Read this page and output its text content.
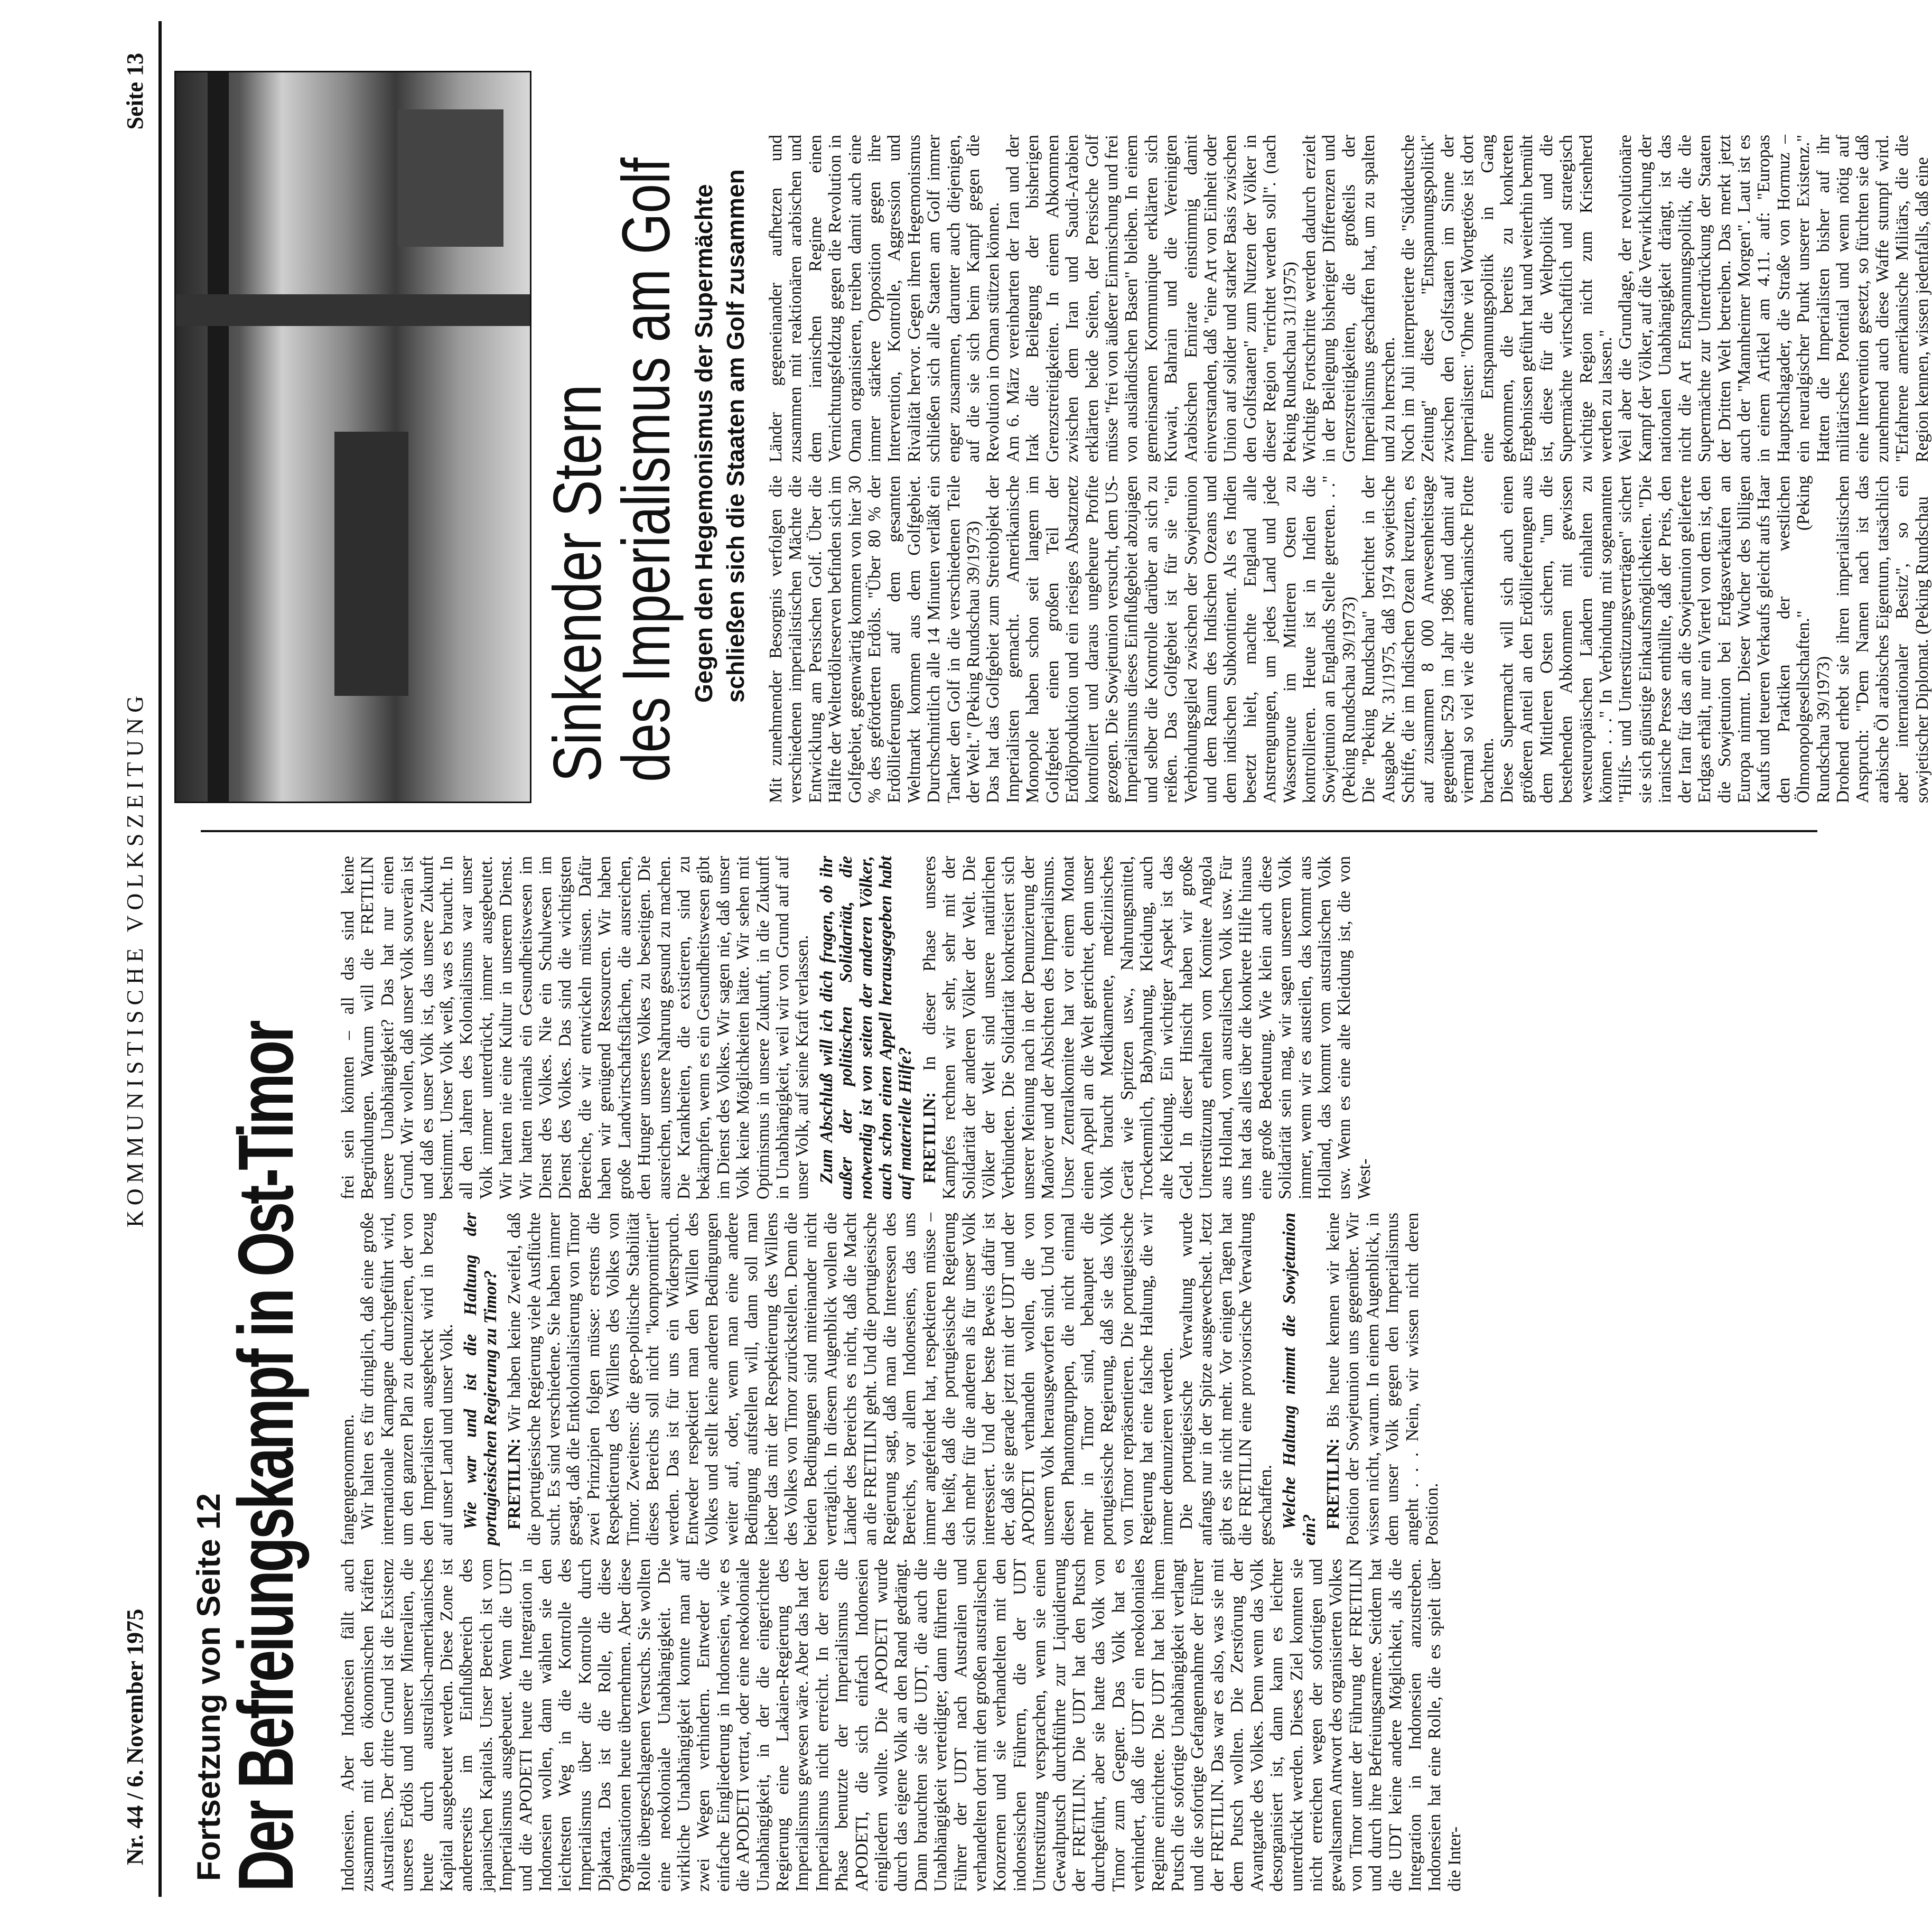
Nr. 44 / 6. November 1975
KOMMUNISTISCHE VOLKSZEITUNG
Seite 13
Fortsetzung von Seite 12
Der Befreiungskampf in Ost-Timor Indonesien. Aber Indonesien fällt auch zusammen mit den ökonomischen Kräften Australiens. Der dritte Grund ist die Existenz unseres Erdöls und unserer Mineralien, die heute durch australisch-amerikanisches Kapital ausgebeutet werden. Diese Zone ist andererseits im Einflußbereich des japanischen Kapitals. Unser Bereich ist vom Imperialismus ausgebeutet. Wenn die UDT und die APODETI heute die Integration in Indonesien wollen, dann wählen sie den leichtesten Weg in die Kontrolle des Imperialismus über die Kontrolle durch Djakarta. Das ist die Rolle, die diese Organisationen heute übernehmen. Aber diese Rolle übergeschlagenen Versuchs. Sie wollten eine neokoloniale Unabhängigkeit. Die wirkliche Unabhängigkeit konnte man auf zwei Wegen verhindern. Entweder die einfache Eingliederung in Indonesien, wie es die APODETI vertrat, oder eine neokoloniale Unabhängigkeit, in der die eingerichtete Regierung eine Lakaien-Regierung des Imperialismus gewesen wäre. Aber das hat der Imperialismus nicht erreicht. In der ersten Phase benutzte der Imperialismus die APODETI, die sich einfach Indonesien eingliedern wollte. Die APODETI wurde durch das eigene Volk an den Rand gedrängt. Dann brauchten sie die UDT, die auch die Unabhängigkeit verteidigte; dann führten die Führer der UDT nach Australien und verhandelten dort mit den großen australischen Konzernen und sie verhandelten mit den indonesischen Führern, die der UDT Unterstützung versprachen, wenn sie einen Gewaltputsch durchführte zur Liquidierung der FRETILIN. Die UDT hat den Putsch durchgeführt, aber sie hatte das Volk von Timor zum Gegner. Das Volk hat es verhindert, daß die UDT ein neokoloniales Regime einrichtete. Die UDT hat bei ihrem Putsch die sofortige Unabhängigkeit verlangt und die sofortige Gefangennahme der Führer der FRETILIN. Das war es also, was sie mit dem Putsch wollten. Die Zerstörung der Avantgarde des Volkes. Denn wenn das Volk desorganisiert ist, dann kann es leichter unterdrückt werden. Dieses Ziel konnten sie nicht erreichen wegen der sofortigen und gewaltsamen Antwort des organisierten Volkes von Timor unter der Führung der FRETILIN und durch ihre Befreiungsarmee. Seitdem hat die UDT keine andere Möglichkeit, als die Integration in Indonesien anzustreben. Indonesien hat eine Rolle, die es spielt über die Inter-

fangengenommen. Wir halten es für dringlich, daß eine große internationale Kampagne durchgeführt wird, um den ganzen Plan zu denunzieren, der von den Imperialisten ausgeheckt wird in bezug auf unser Land und unser Volk. Wie war und ist die Haltung der portugiesischen Regierung zu Timor? FRETILIN: Wir haben keine Zweifel, daß die portugiesische Regierung viele Ausflüchte sucht. Es sind verschiedene. Sie haben immer gesagt, daß die Entkolonialisierung von Timor zwei Prinzipien folgen müsse: erstens die Respektierung des Willens des Volkes von Timor. Zweitens: die geo-politische Stabilität dieses Bereichs soll nicht "kompromittiert" werden. Das ist für uns ein Widerspruch. Entweder respektiert man den Willen des Volkes und stellt keine anderen Bedingungen weiter auf, oder, wenn man eine andere Bedingung aufstellen will, dann soll man lieber das mit der Respektierung des Willens des Volkes von Timor zurückstellen. Denn die beiden Bedingungen sind miteinander nicht verträglich. In diesem Augenblick wollen die Länder des Bereichs es nicht, daß die Macht an die FRETILIN geht. Und die portugiesische Regierung sagt, daß man die Interessen des Bereichs, vor allem Indonesiens, das uns immer angefeindet hat, respektieren müsse – das heißt, daß die portugiesische Regierung sich mehr für die anderen als für unser Volk interessiert. Und der beste Beweis dafür ist der, daß sie gerade jetzt mit der UDT und der APODETI verhandeln wollen, die von unserem Volk herausgeworfen sind. Und von diesen Phantomgruppen, die nicht einmal mehr in Timor sind, behauptet die portugiesische Regierung, daß sie das Volk von Timor repräsentieren. Die portugiesische Regierung hat eine falsche Haltung, die wir immer denunzieren werden. Die portugiesische Verwaltung wurde anfangs nur in der Spitze ausgewechselt. Jetzt gibt es sie nicht mehr. Vor einigen Tagen hat die FRETILIN eine provisorische Verwaltung geschaffen. Welche Haltung nimmt die Sowjetunion ein?

FRETILIN: Bis heute kennen wir keine Position der Sowjetunion uns gegenüber. Wir wissen nicht, warum. In einem Augenblick, in dem unser Volk gegen den Imperialismus angeht . . . Nein, wir wissen nicht deren Position.

frei sein könnten – all das sind keine Begründungen. Warum will die FRETILIN unsere Unabhängigkeit? Das hat nur einen Grund. Wir wollen, daß unser Volk souverän ist und daß es unser Volk ist, das unsere Zukunft bestimmt. Unser Volk weiß, was es braucht. In all den Jahren des Kolonialismus war unser Volk immer unterdrückt, immer ausgebeutet. Wir hatten nie eine Kultur in unserem Dienst. Wir hatten niemals ein Gesundheitswesen im Dienst des Volkes. Nie ein Schulwesen im Dienst des Volkes. Das sind die wichtigsten Bereiche, die wir entwickeln müssen. Dafür haben wir genügend Ressourcen. Wir haben große Landwirtschaftsflächen, die ausreichen, den Hunger unseres Volkes zu beseitigen. Die ausreichen, unsere Nahrung gesund zu machen. Die Krankheiten, die existieren, sind zu bekämpfen, wenn es ein Gesundheitswesen gibt im Dienst des Volkes. Wir sagen nie, daß unser Volk keine Möglichkeiten hätte. Wir sehen mit Optimismus in unsere Zukunft, in die Zukunft in Unabhängigkeit, weil wir von Grund auf auf unser Volk, auf seine Kraft verlassen. Zum Abschluß will ich dich fragen, ob ihr außer der politischen Solidarität, die notwendig ist von seiten der anderen Völker, auch schon einen Appell herausgegeben habt auf materielle Hilfe? FRETILIN: In dieser Phase unseres Kampfes rechnen wir sehr, sehr mit der Solidarität der anderen Völker der Welt. Die Völker der Welt sind unsere natürlichen Verbündeten. Die Solidarität konkretisiert sich unserer Meinung nach in der Denunzierung der Manöver und der Absichten des Imperialismus. Unser Zentralkomitee hat vor einem Monat einen Appell an die Welt gerichtet, denn unser Volk braucht Medikamente, medizinisches Gerät wie Spritzen usw., Nahrungsmittel, Trockenmilch, Babynahrung, Kleidung, auch alte Kleidung. Ein wichtiger Aspekt ist das Geld. In dieser Hinsicht haben wir große Unterstützung erhalten vom Komitee Angola aus Holland, vom australischen Volk usw. Für uns hat das alles über die konkrete Hilfe hinaus eine große Bedeutung. Wie klein auch diese Solidarität sein mag, wir sagen unserem Volk immer, wenn wir es austeilen, das kommt aus Holland, das kommt vom australischen Volk usw. Wenn es eine alte Kleidung ist, die von West-

Sinkender Stern
des Imperialismus am Golf Gegen den Hegemonismus der Supermächte schließen sich die Staaten am Golf zusammen

Mit zunehmender Besorgnis verfolgen die verschiedenen imperialistischen Mächte die Entwicklung am Persischen Golf. Über die Hälfte der Welterdölreserven befinden sich im Golfgebiet, gegenwärtig kommen von hier 30 % des geförderten Erdöls. "Über 80 % der Erdöllieferungen auf dem gesamten Weltmarkt kommen aus dem Golfgebiet. Durchschnittlich alle 14 Minuten verläßt ein Tanker den Golf in die verschiedenen Teile der Welt." (Peking Rundschau 39/1973)
Das hat das Golfgebiet zum Streitobjekt der Imperialisten gemacht. Amerikanische Monopole haben schon seit langem im Golfgebiet einen großen Teil der Erdölproduktion und ein riesiges Absatznetz kontrolliert und daraus ungeheure Profite gezogen. Die Sowjetunion versucht, dem US-Imperialismus dieses Einflußgebiet abzujagen und selber die Kontrolle darüber an sich zu reißen. Das Golfgebiet ist für sie "ein Verbindungsglied zwischen der Sowjetunion und dem Raum des Indischen Ozeans und dem indischen Subkontinent. Als es Indien besetzt hielt, machte England alle Anstrengungen, um jedes Land und jede Wasserroute im Mittleren Osten zu kontrollieren. Heute ist in Indien die Sowjetunion an Englands Stelle getreten. . ." (Peking Rundschau 39/1973)
Die "Peking Rundschau" berichtet in der Ausgabe Nr. 31/1975, daß 1974 sowjetische Schiffe, die im Indischen Ozean kreuzten, es auf zusammen 8 000 Anwesenheitstage gegenüber 529 im Jahr 1986 und damit auf viermal so viel wie die amerikanische Flotte brachten.
Diese Supermacht will sich auch einen größeren Anteil an den Erdöllieferungen aus dem Mittleren Osten sichern, "um die bestehenden Abkommen mit gewissen westeuropäischen Ländern einhalten zu können . . ." In Verbindung mit sogenannten "Hilfs- und Unterstützungsverträgen" sichert sie sich günstige Einkaufsmöglichkeiten. "Die iranische Presse enthüllte, daß der Preis, den der Iran für das an die Sowjetunion gelieferte Erdgas erhält, nur ein Viertel von dem ist, den die Sowjetunion bei Erdgasverkäufen an Europa nimmt. Dieser Wucher des billigen Kaufs und teueren Verkaufs gleicht aufs Haar den Praktiken der westlichen Ölmonopolgesellschaften." (Peking Rundschau 39/1973)
Drohend erhebt sie ihren imperialistischen Anspruch: "Dem Namen nach ist das arabische Öl arabisches Eigentum, tatsächlich aber internationaler Besitz", so ein sowjetischer Diplomat. (Peking Rundschau

Länder gegeneinander aufhetzen und zusammen mit reaktionären arabischen und dem iranischen Regime einen Vernichtungsfeldzug gegen die Revolution in Oman organisieren, treiben damit auch eine immer stärkere Opposition gegen ihre Intervention, Kontrolle, Aggression und Rivalität hervor. Gegen ihren Hegemonismus schließen sich alle Staaten am Golf immer enger zusammen, darunter auch diejenigen, auf die sie sich beim Kampf gegen die Revolution in Oman stützen können.
Am 6. März vereinbarten der Iran und der Irak die Beilegung der bisherigen Grenzstreitigkeiten. In einem Abkommen zwischen dem Iran und Saudi-Arabien erklärten beide Seiten, der Persische Golf müsse "frei von äußerer Einmischung und frei von ausländischen Basen" bleiben. In einem gemeinsamen Kommunique erklärten sich Kuwait, Bahrain und die Vereinigten Arabischen Emirate einstimmig damit einverstanden, daß "eine Art von Einheit oder Union auf solider und starker Basis zwischen den Golfstaaten" zum Nutzen der Völker in dieser Region "errichtet werden soll". (nach Peking Rundschau 31/1975)
Wichtige Fortschritte werden dadurch erzielt in der Beilegung bisheriger Differenzen und Grenzstreitigkeiten, die großteils der Imperialismus geschaffen hat, um zu spalten und zu herrschen.
Noch im Juli interpretierte die "Süddeutsche Zeitung" diese "Entspannungspolitik" zwischen den Golfstaaten im Sinne der Imperialisten: "Ohne viel Wortgetöse ist dort eine Entspannungspolitik in Gang gekommen, die bereits zu konkreten Ergebnissen geführt hat und weiterhin bemüht ist, diese für die Weltpolitik und die Supermächte wirtschaftlich und strategisch wichtige Region nicht zum Krisenherd werden zu lassen."
Weil aber die Grundlage, der revolutionäre Kampf der Völker, auf die Verwirklichung der nationalen Unabhängigkeit drängt, ist das nicht die Art Entspannungspolitik, die die Supermächte zur Unterdrückung der Staaten der Dritten Welt betreiben. Das merkt jetzt auch der "Mannheimer Morgen". Laut ist es in einem Artikel am 4.11. auf: "Europas Hauptschlagader, die Straße von Hormuz – ein neuralgischer Punkt unserer Existenz." Hatten die Imperialisten bisher auf ihr militärisches Potential und wenn nötig auf eine Intervention gesetzt, so fürchten sie daß zunehmend auch diese Waffe stumpf wird. "Erfahrene amerikanische Militärs, die die Region kennen, wissen jedenfalls, daß eine
